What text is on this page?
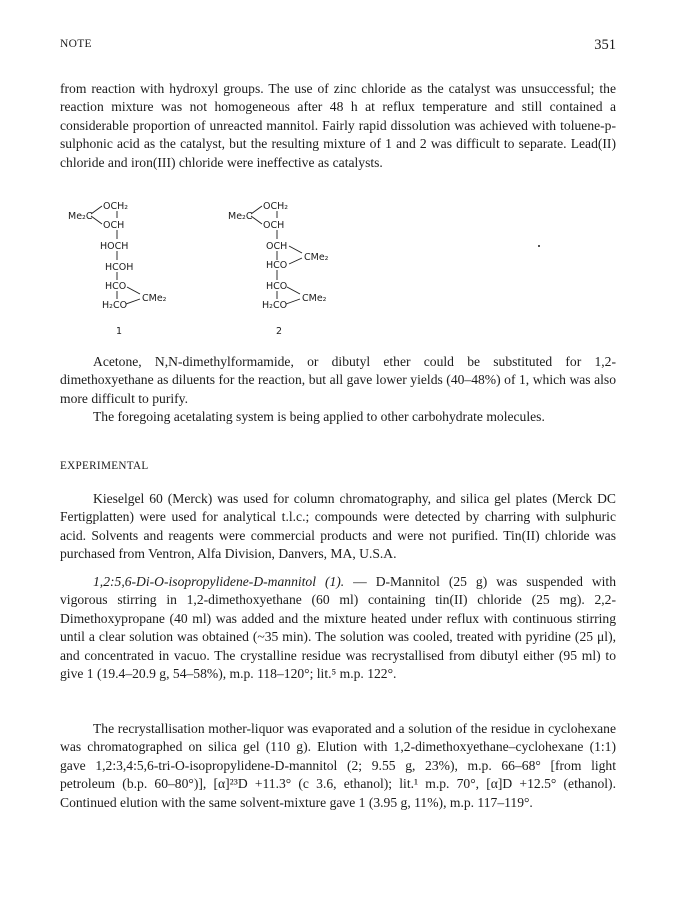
NOTE	351

from reaction with hydroxyl groups. The use of zinc chloride as the catalyst was unsuccessful; the reaction mixture was not homogeneous after 48 h at reflux temperature and still contained a considerable proportion of unreacted mannitol. Fairly rapid dissolution was achieved with toluene-p-sulphonic acid as the catalyst, but the resulting mixture of 1 and 2 was difficult to separate. Lead(II) chloride and iron(III) chloride were ineffective as catalysts.

Me₂C
OCH₂
OCH
HOCH
HCOH
HCO
CMe₂
H₂CO
1
Me₂C
OCH₂
OCH
OCH
CMe₂
HCO
HCO
CMe₂
H₂CO
2

Acetone, N,N-dimethylformamide, or dibutyl ether could be substituted for 1,2-dimethoxyethane as diluents for the reaction, but all gave lower yields (40–48%) of 1, which was also more difficult to purify.

The foregoing acetalating system is being applied to other carbohydrate molecules.

EXPERIMENTAL

Kieselgel 60 (Merck) was used for column chromatography, and silica gel plates (Merck DC Fertigplatten) were used for analytical t.l.c.; compounds were detected by charring with sulphuric acid. Solvents and reagents were commercial products and were not purified. Tin(II) chloride was purchased from Ventron, Alfa Division, Danvers, MA, U.S.A.

1,2:5,6-Di-O-isopropylidene-D-mannitol (1). — D-Mannitol (25 g) was suspended with vigorous stirring in 1,2-dimethoxyethane (60 ml) containing tin(II) chloride (25 mg). 2,2-Dimethoxypropane (40 ml) was added and the mixture heated under reflux with continuous stirring until a clear solution was obtained (~35 min). The solution was cooled, treated with pyridine (25 μl), and concentrated in vacuo. The crystalline residue was recrystallised from dibutyl either (95 ml) to give 1 (19.4–20.9 g, 54–58%), m.p. 118–120°; lit.⁵ m.p. 122°.

The recrystallisation mother-liquor was evaporated and a solution of the residue in cyclohexane was chromatographed on silica gel (110 g). Elution with 1,2-dimethoxyethane–cyclohexane (1:1) gave 1,2:3,4:5,6-tri-O-isopropylidene-D-mannitol (2; 9.55 g, 23%), m.p. 66–68° [from light petroleum (b.p. 60–80°)], [α]²³D +11.3° (c 3.6, ethanol); lit.¹ m.p. 70°, [α]D +12.5° (ethanol). Continued elution with the same solvent-mixture gave 1 (3.95 g, 11%), m.p. 117–119°.
